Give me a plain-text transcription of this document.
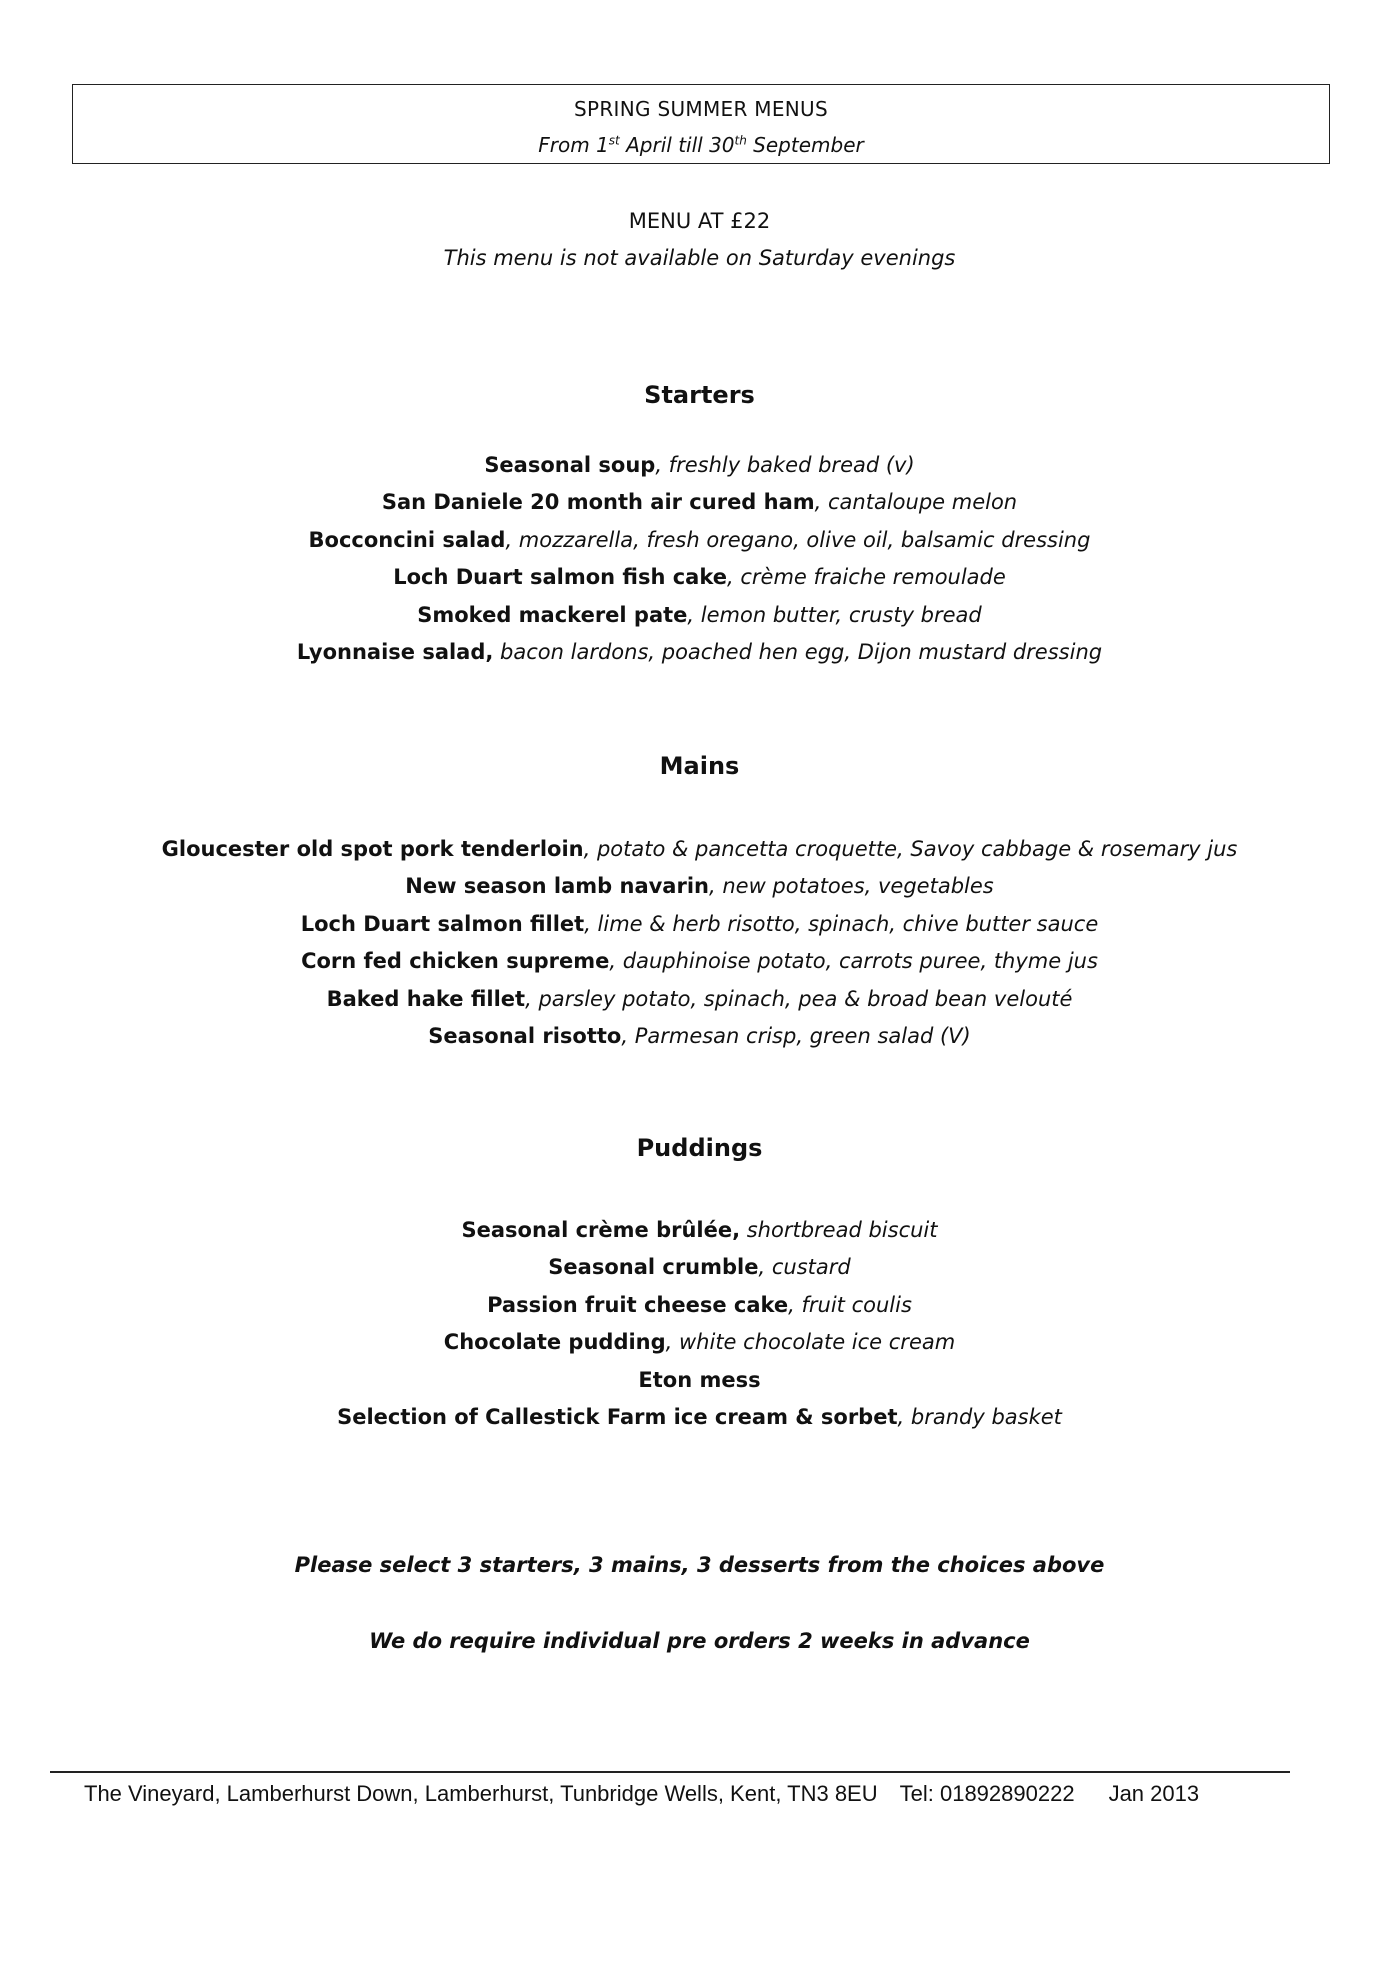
SPRING SUMMER MENUS
From 1st April till 30th September
MENU AT £22
This menu is not available on Saturday evenings
Starters
Seasonal soup, freshly baked bread (v)
San Daniele 20 month air cured ham, cantaloupe melon
Bocconcini salad, mozzarella, fresh oregano, olive oil, balsamic dressing
Loch Duart salmon fish cake, crème fraiche remoulade
Smoked mackerel pate, lemon butter, crusty bread
Lyonnaise salad, bacon lardons, poached hen egg, Dijon mustard dressing
Mains
Gloucester old spot pork tenderloin, potato & pancetta croquette, Savoy cabbage & rosemary jus
New season lamb navarin, new potatoes, vegetables
Loch Duart salmon fillet, lime & herb risotto, spinach, chive butter sauce
Corn fed chicken supreme, dauphinoise potato, carrots puree, thyme jus
Baked hake fillet, parsley potato, spinach, pea & broad bean velouté
Seasonal risotto, Parmesan crisp, green salad (V)
Puddings
Seasonal crème brûlée, shortbread biscuit
Seasonal crumble, custard
Passion fruit cheese cake, fruit coulis
Chocolate pudding, white chocolate ice cream
Eton mess
Selection of Callestick Farm ice cream & sorbet, brandy basket
Please select 3 starters, 3 mains, 3 desserts from the choices above
We do require individual pre orders 2 weeks in advance
The Vineyard, Lamberhurst Down, Lamberhurst, Tunbridge Wells, Kent, TN3 8EU Tel: 01892890222 Jan 2013
